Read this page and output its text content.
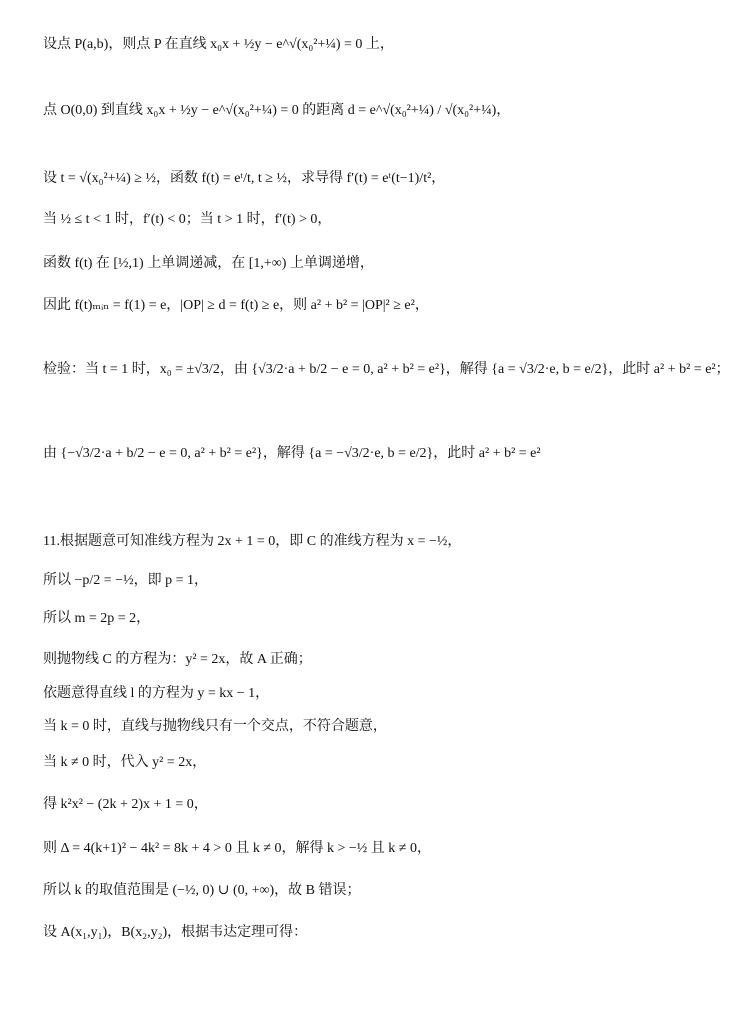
设点 P(a,b)，则点 P 在直线 x₀x + ½y − e^√(x₀²+¼) = 0 上，
点 O(0,0) 到直线 x₀x + ½y − e^√(x₀²+¼) = 0 的距离 d = e^√(x₀²+¼) / √(x₀²+¼)，
设 t = √(x₀²+¼) ≥ ½，函数 f(t) = eᵗ/t, t ≥ ½，求导得 f′(t) = eᵗ(t−1)/t²，
当 ½ ≤ t < 1 时，f′(t) < 0；当 t > 1 时，f′(t) > 0，
函数 f(t) 在 [½,1) 上单调递减，在 [1,+∞) 上单调递增，
因此 f(t)ₘᵢₙ = f(1) = e，|OP| ≥ d = f(t) ≥ e，则 a² + b² = |OP|² ≥ e²，
检验：当 t = 1 时，x₀ = ±√3/2，由 {√3/2·a + b/2 − e = 0, a² + b² = e²}，解得 {a = √3/2·e, b = e/2}，此时 a² + b² = e²；
由 {−√3/2·a + b/2 − e = 0, a² + b² = e²}，解得 {a = −√3/2·e, b = e/2}，此时 a² + b² = e²
11.根据题意可知准线方程为 2x + 1 = 0，即 C 的准线方程为 x = −½，
所以 −p/2 = −½，即 p = 1，
所以 m = 2p = 2，
则抛物线 C 的方程为：y² = 2x，故 A 正确；
依题意得直线 l 的方程为 y = kx − 1，
当 k = 0 时，直线与抛物线只有一个交点，不符合题意，
当 k ≠ 0 时，代入 y² = 2x，
得 k²x² − (2k + 2)x + 1 = 0，
则 Δ = 4(k+1)² − 4k² = 8k + 4 > 0 且 k ≠ 0，解得 k > −½ 且 k ≠ 0，
所以 k 的取值范围是 (−½, 0) ∪ (0, +∞)，故 B 错误；
设 A(x₁,y₁)，B(x₂,y₂)，根据韦达定理可得：
